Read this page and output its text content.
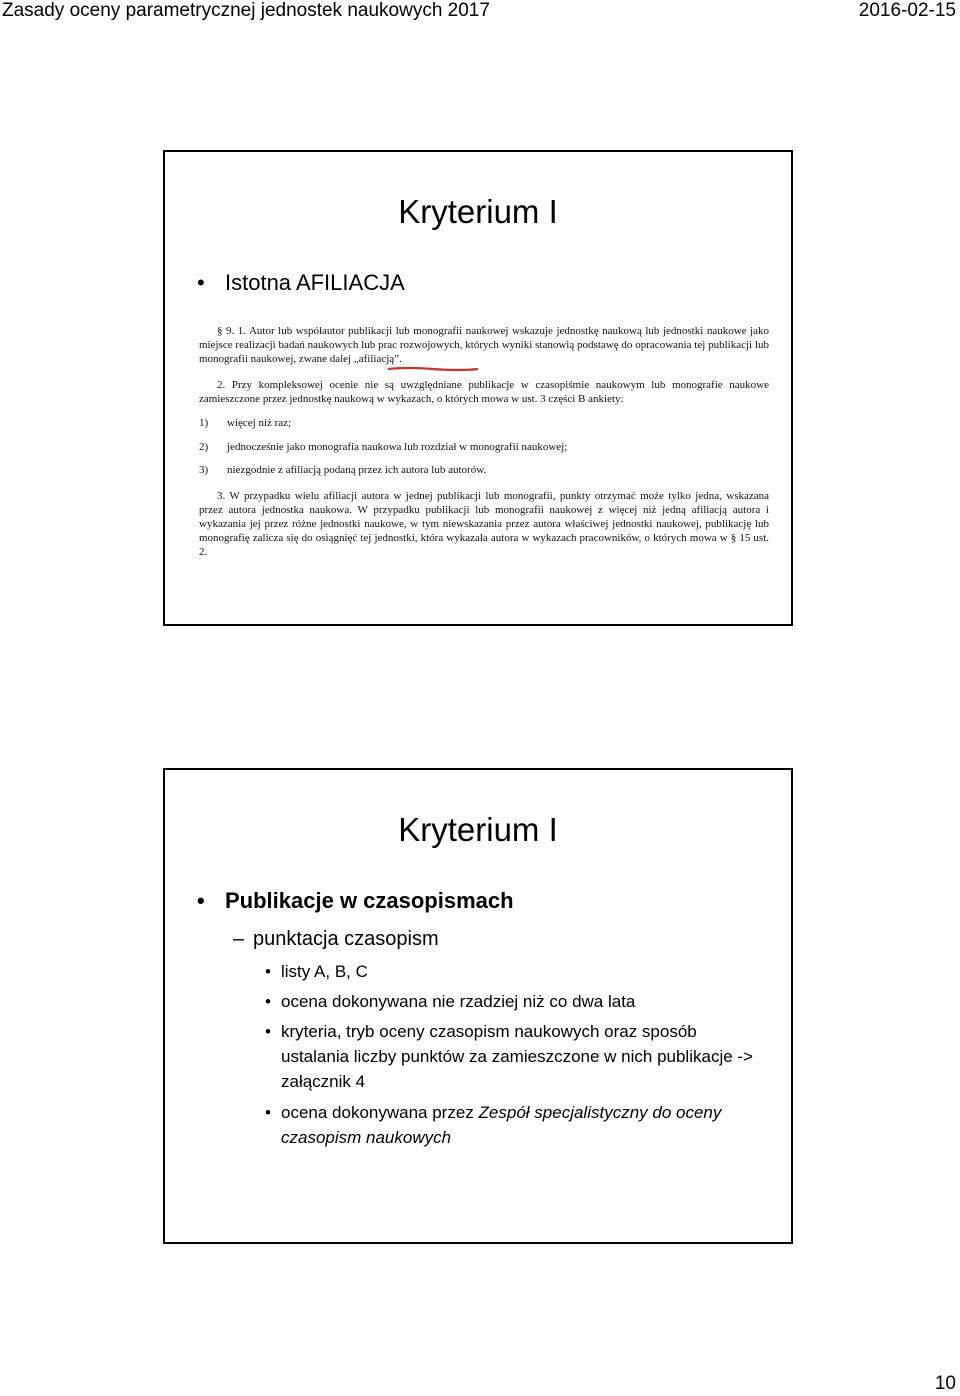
Zasady oceny parametrycznej jednostek naukowych 2017	2016-02-15
Kryterium I
• Istotna AFILIACJA

§ 9. 1. Autor lub współautor publikacji lub monografii naukowej wskazuje jednostkę naukową lub jednostki naukowe jako miejsce realizacji badań naukowych lub prac rozwojowych, których wyniki stanowią podstawę do opracowania tej publikacji lub monografii naukowej, zwane dalej „afiliacją”.

2. Przy kompleksowej ocenie nie są uwzględniane publikacje w czasopiśmie naukowym lub monografie naukowe zamieszczone przez jednostkę naukową w wykazach, o których mowa w ust. 3 części B ankiety:

1) więcej niż raz;
2) jednocześnie jako monografia naukowa lub rozdział w monografii naukowej;
3) niezgodnie z afiliacją podaną przez ich autora lub autorów.

3. W przypadku wielu afiliacji autora w jednej publikacji lub monografii, punkty otrzymać może tylko jedna, wskazana przez autora jednostka naukowa. W przypadku publikacji lub monografii naukowej z więcej niż jedną afiliacją autora i wykazania jej przez różne jednostki naukowe, w tym niewskazania przez autora właściwej jednostki naukowej, publikację lub monografię zalicza się do osiągnięć tej jednostki, która wykazała autora w wykazach pracowników, o których mowa w § 15 ust. 2.

Kryterium I
• Publikacje w czasopismach
– punktacja czasopism
• listy A, B, C
• ocena dokonywana nie rzadziej niż co dwa lata
• kryteria, tryb oceny czasopism naukowych oraz sposób ustalania liczby punktów za zamieszczone w nich publikacje -> załącznik 4
• ocena dokonywana przez Zespół specjalistyczny do oceny czasopism naukowych
10
